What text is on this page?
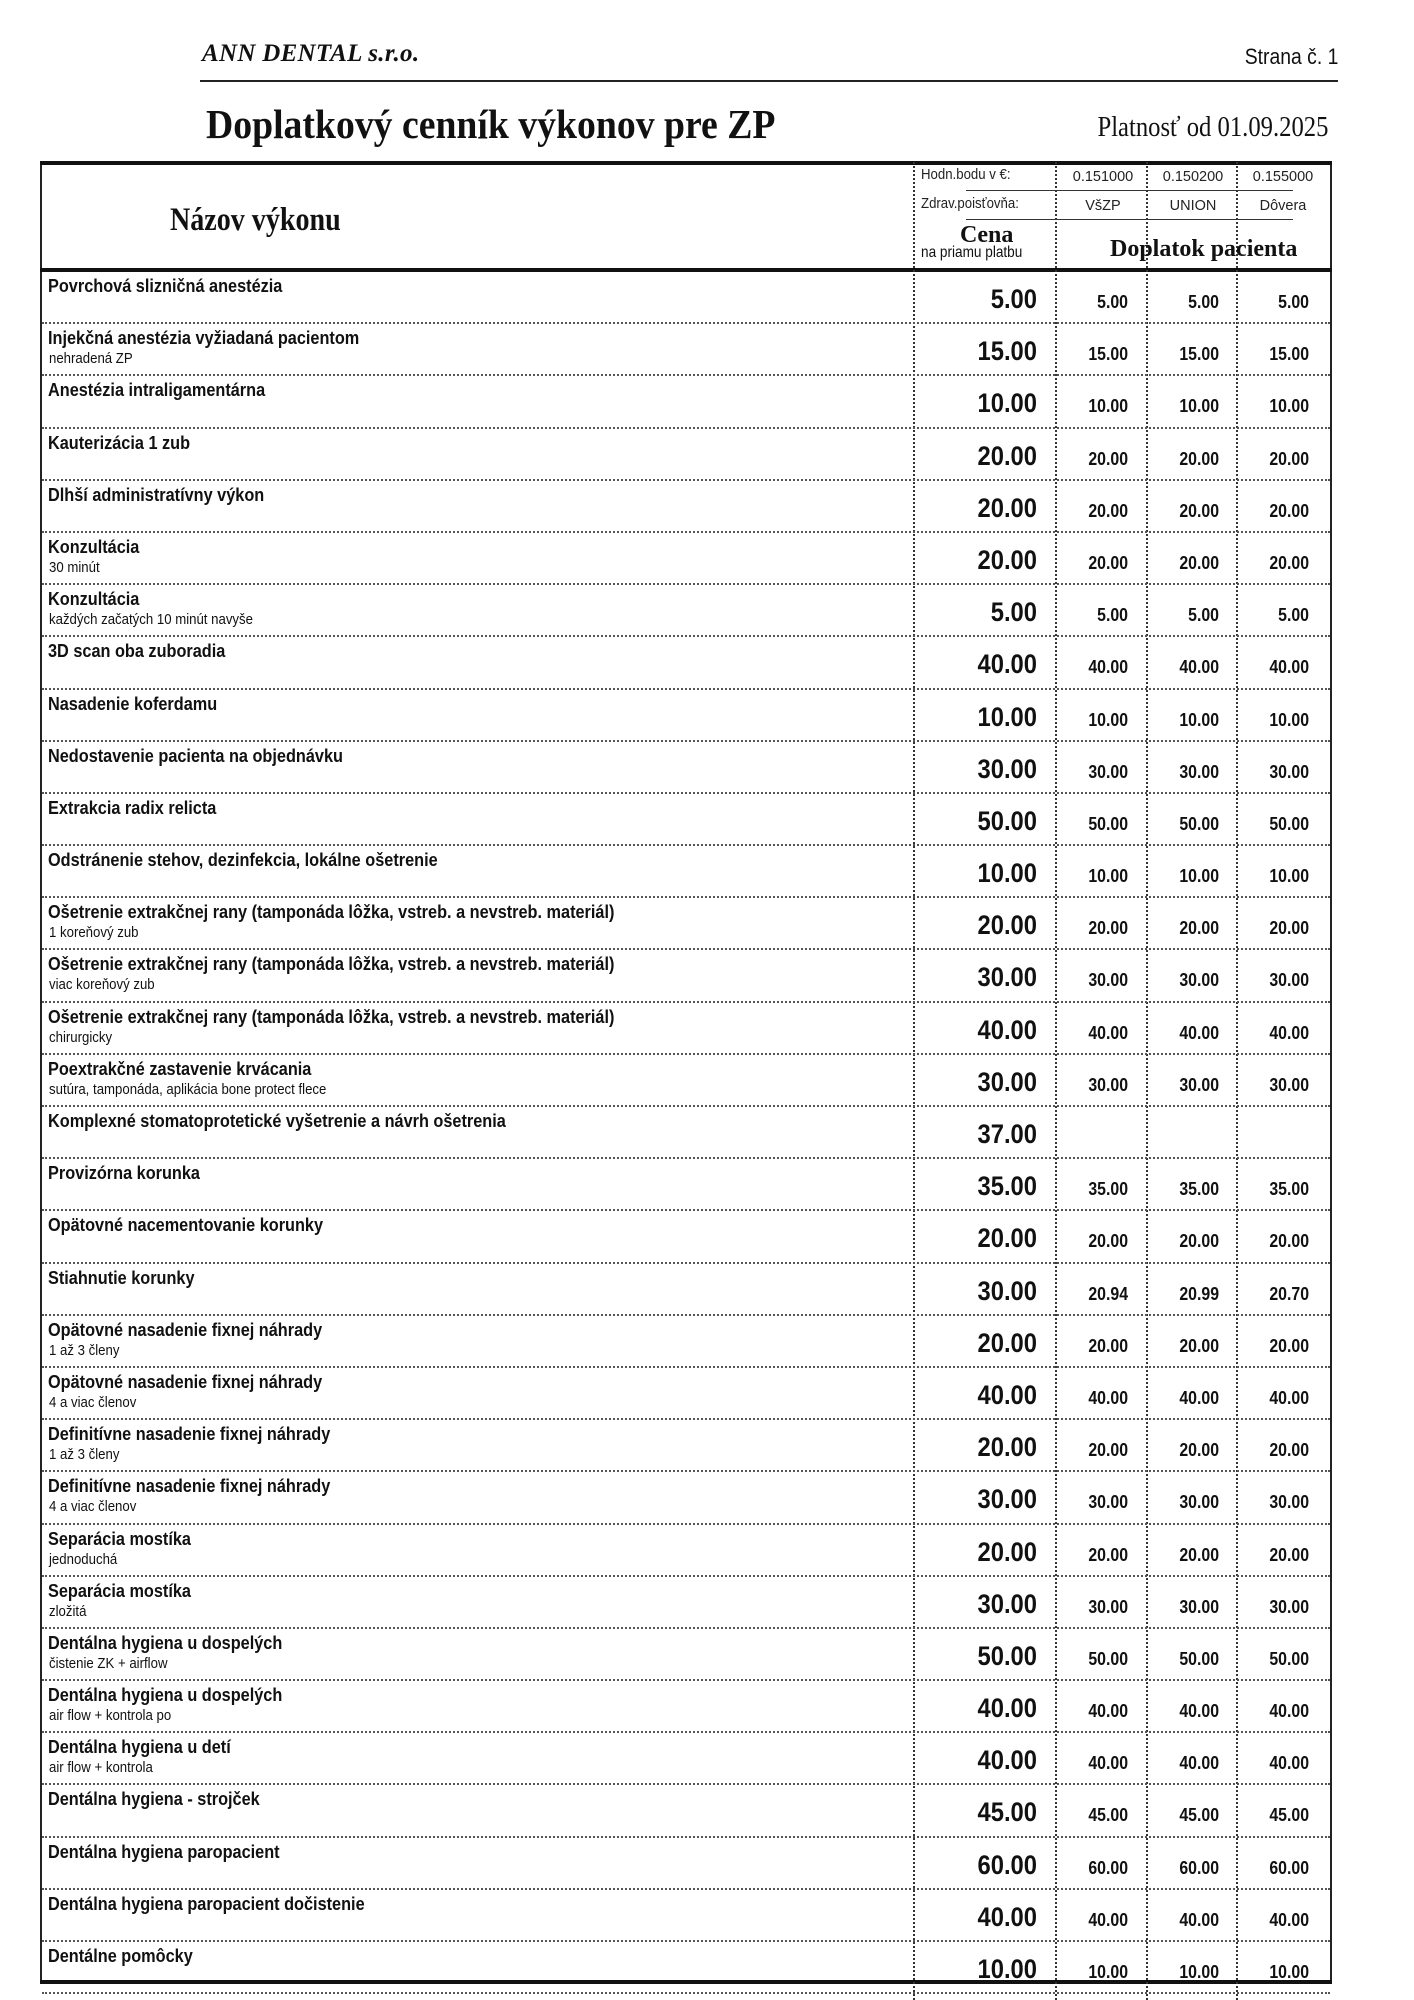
ANN DENTAL s.r.o.	Strana č. 1
Doplatkový cenník výkonov pre ZP	Platnosť od 01.09.2025
Názov výkonu
Hodn.bodu v €:
Zdrav.poisťovňa:
0.151000	0.150200	0.155000
VšZP	UNION	Dôvera
Cena
na priamu platbu	Doplatok pacienta
Povrchová slizničná anestézia	5.00	5.00	5.00	5.00
Injekčná anestézia vyžiadaná pacientom
nehradená ZP	15.00	15.00	15.00	15.00
Anestézia intraligamentárna	10.00	10.00	10.00	10.00
Kauterizácia 1 zub	20.00	20.00	20.00	20.00
Dlhší administratívny výkon	20.00	20.00	20.00	20.00
Konzultácia
30 minút	20.00	20.00	20.00	20.00
Konzultácia
každých začatých 10 minút navyše	5.00	5.00	5.00	5.00
3D scan oba zuboradia	40.00	40.00	40.00	40.00
Nasadenie koferdamu	10.00	10.00	10.00	10.00
Nedostavenie pacienta na objednávku	30.00	30.00	30.00	30.00
Extrakcia radix relicta	50.00	50.00	50.00	50.00
Odstránenie stehov, dezinfekcia, lokálne ošetrenie	10.00	10.00	10.00	10.00
Ošetrenie extrakčnej rany (tamponáda lôžka, vstreb. a nevstreb. materiál)
1 koreňový zub	20.00	20.00	20.00	20.00
Ošetrenie extrakčnej rany (tamponáda lôžka, vstreb. a nevstreb. materiál)
viac koreňový zub	30.00	30.00	30.00	30.00
Ošetrenie extrakčnej rany (tamponáda lôžka, vstreb. a nevstreb. materiál)
chirurgicky	40.00	40.00	40.00	40.00
Poextrakčné zastavenie krvácania
sutúra, tamponáda, aplikácia bone protect flece	30.00	30.00	30.00	30.00
Komplexné stomatoprotetické vyšetrenie a návrh ošetrenia	37.00
Provizórna korunka	35.00	35.00	35.00	35.00
Opätovné nacementovanie korunky	20.00	20.00	20.00	20.00
Stiahnutie korunky	30.00	20.94	20.99	20.70
Opätovné nasadenie fixnej náhrady
1 až 3 členy	20.00	20.00	20.00	20.00
Opätovné nasadenie fixnej náhrady
4 a viac členov	40.00	40.00	40.00	40.00
Definitívne nasadenie fixnej náhrady
1 až 3 členy	20.00	20.00	20.00	20.00
Definitívne nasadenie fixnej náhrady
4 a viac členov	30.00	30.00	30.00	30.00
Separácia mostíka
jednoduchá	20.00	20.00	20.00	20.00
Separácia mostíka
zložitá	30.00	30.00	30.00	30.00
Dentálna hygiena u dospelých
čistenie ZK + airflow	50.00	50.00	50.00	50.00
Dentálna hygiena u dospelých
air flow + kontrola po	40.00	40.00	40.00	40.00
Dentálna hygiena u detí
air flow + kontrola	40.00	40.00	40.00	40.00
Dentálna hygiena - strojček	45.00	45.00	45.00	45.00
Dentálna hygiena paropacient	60.00	60.00	60.00	60.00
Dentálna hygiena paropacient dočistenie	40.00	40.00	40.00	40.00
Dentálne pomôcky	10.00	10.00	10.00	10.00
